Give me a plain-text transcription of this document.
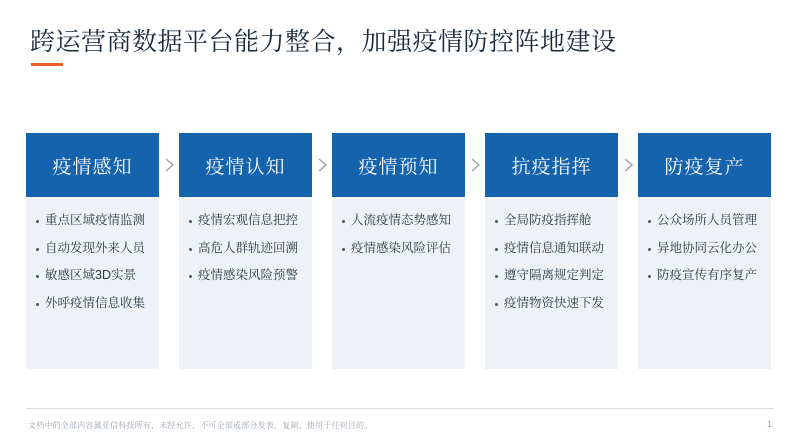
跨运营商数据平台能力整合，加强疫情防控阵地建设
疫情感知
重点区域疫情监测
自动发现外来人员
敏感区域3D实景
外呼疫情信息收集
疫情认知
疫情宏观信息把控
高危人群轨迹回溯
疫情感染风险预警
疫情预知
人流疫情态势感知
疫情感染风险评估
抗疫指挥
全局防疫指挥舱
疫情信息通知联动
遵守隔离规定判定
疫情物资快速下发
防疫复产
公众场所人员管理
异地协同云化办公
防疫宣传有序复产
文档中的全部内容属亚信科技所有，未经允许，不可全部或部分发表、复制、使用于任何目的。	1
